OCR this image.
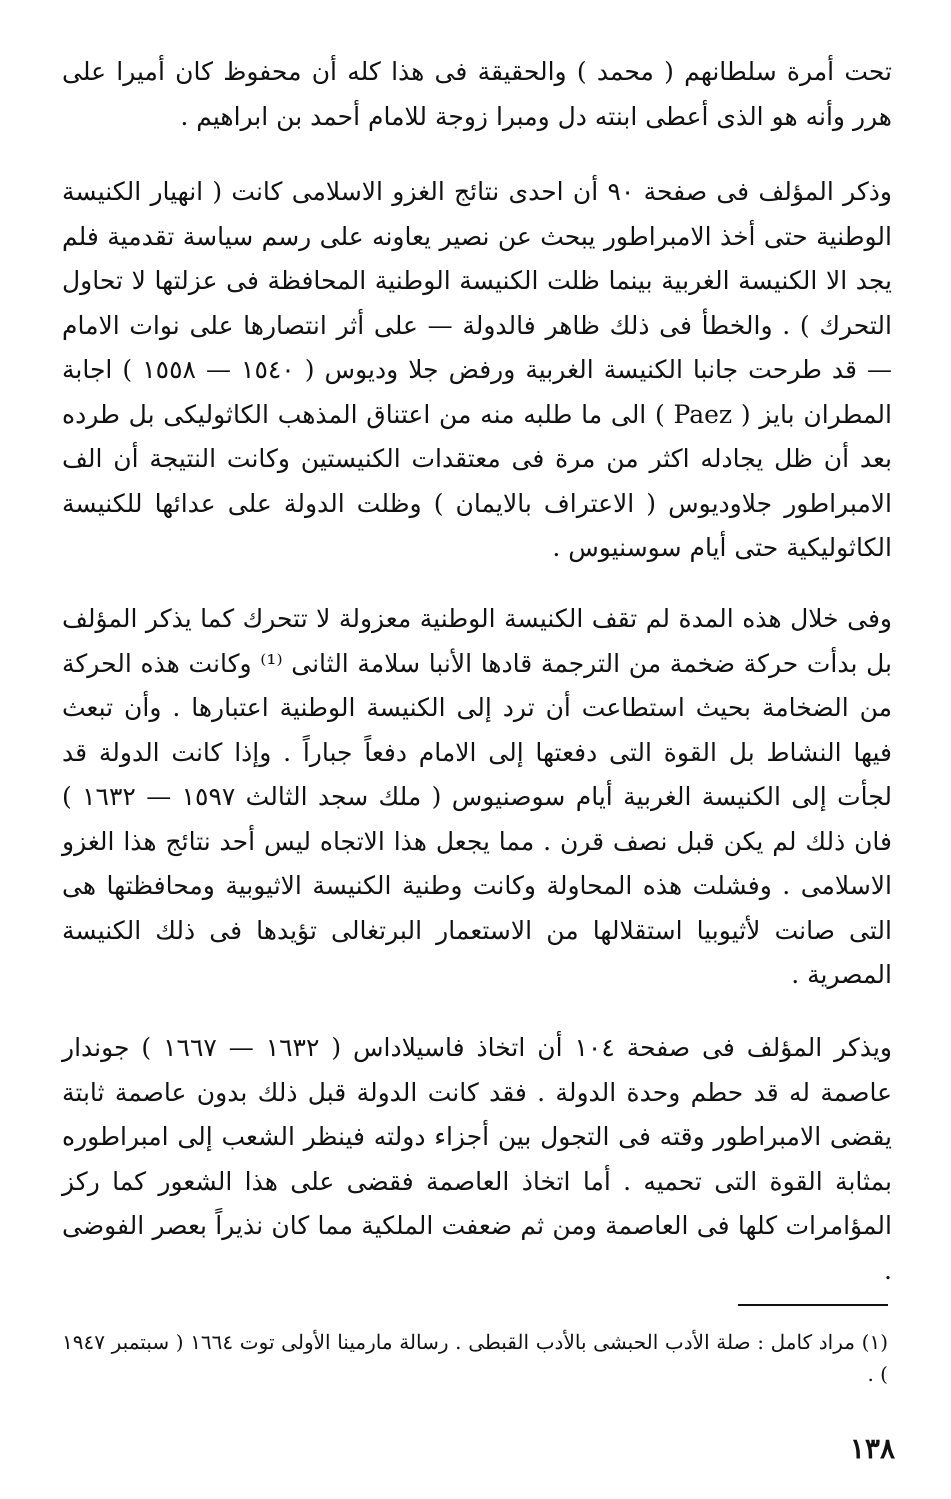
تحت أمرة سلطانهم ( محمد ) والحقيقة فى هذا كله أن محفوظ كان أميرا على هرر وأنه هو الذى أعطى ابنته دل ومبرا زوجة للامام أحمد بن ابراهيم .

وذكر المؤلف فى صفحة ٩٠ أن احدى نتائج الغزو الاسلامى كانت ( انهيار الكنيسة الوطنية حتى أخذ الامبراطور يبحث عن نصير يعاونه على رسم سياسة تقدمية فلم يجد الا الكنيسة الغربية بينما ظلت الكنيسة الوطنية المحافظة فى عزلتها لا تحاول التحرك ) . والخطأ فى ذلك ظاهر فالدولة — على أثر انتصارها على نوات الامام — قد طرحت جانبا الكنيسة الغربية ورفض جلا وديوس ( ١٥٤٠ — ١٥٥٨ ) اجابة المطران بايز ( Paez ) الى ما طلبه منه من اعتناق المذهب الكاثوليكى بل طرده بعد أن ظل يجادله اكثر من مرة فى معتقدات الكنيستين وكانت النتيجة أن الف الامبراطور جلاوديوس ( الاعتراف بالايمان ) وظلت الدولة على عدائها للكنيسة الكاثوليكية حتى أيام سوسنيوس .

وفى خلال هذه المدة لم تقف الكنيسة الوطنية معزولة لا تتحرك كما يذكر المؤلف بل بدأت حركة ضخمة من الترجمة قادها الأنبا سلامة الثانى ⁽¹⁾ وكانت هذه الحركة من الضخامة بحيث استطاعت أن ترد إلى الكنيسة الوطنية اعتبارها . وأن تبعث فيها النشاط بل القوة التى دفعتها إلى الامام دفعاً جباراً . وإذا كانت الدولة قد لجأت إلى الكنيسة الغربية أيام سوصنيوس ( ملك سجد الثالث ١٥٩٧ — ١٦٣٢ ) فان ذلك لم يكن قبل نصف قرن . مما يجعل هذا الاتجاه ليس أحد نتائج هذا الغزو الاسلامى . وفشلت هذه المحاولة وكانت وطنية الكنيسة الاثيوبية ومحافظتها هى التى صانت لأثيوبيا استقلالها من الاستعمار البرتغالى تؤيدها فى ذلك الكنيسة المصرية .

ويذكر المؤلف فى صفحة ١٠٤ أن اتخاذ فاسيلاداس ( ١٦٣٢ — ١٦٦٧ ) جوندار عاصمة له قد حطم وحدة الدولة . فقد كانت الدولة قبل ذلك بدون عاصمة ثابتة يقضى الامبراطور وقته فى التجول بين أجزاء دولته فينظر الشعب إلى امبراطوره بمثابة القوة التى تحميه . أما اتخاذ العاصمة فقضى على هذا الشعور كما ركز المؤامرات كلها فى العاصمة ومن ثم ضعفت الملكية مما كان نذيراً بعصر الفوضى .

(١) مراد كامل : صلة الأدب الحبشى بالأدب القبطى . رسالة مارمينا الأولى توت ١٦٦٤ ( سبتمبر ١٩٤٧ ) .

١٣٨
